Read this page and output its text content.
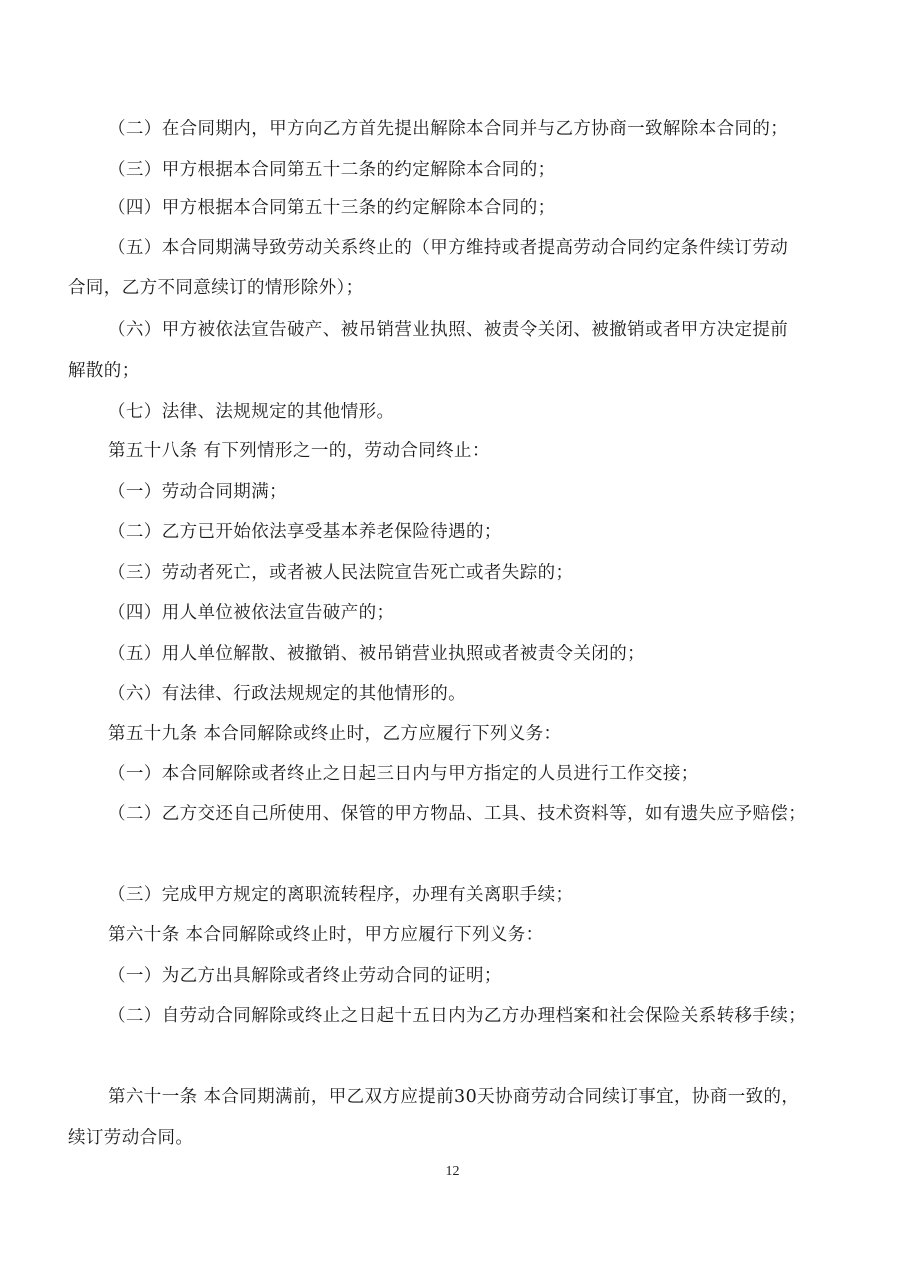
（二）在合同期内，甲方向乙方首先提出解除本合同并与乙方协商一致解除本合同的；
（三）甲方根据本合同第五十二条的约定解除本合同的；
（四）甲方根据本合同第五十三条的约定解除本合同的；
（五）本合同期满导致劳动关系终止的（甲方维持或者提高劳动合同约定条件续订劳动
合同，乙方不同意续订的情形除外）；
（六）甲方被依法宣告破产、被吊销营业执照、被责令关闭、被撤销或者甲方决定提前
解散的；
（七）法律、法规规定的其他情形。
第五十八条 有下列情形之一的，劳动合同终止：
（一）劳动合同期满；
（二）乙方已开始依法享受基本养老保险待遇的；
（三）劳动者死亡，或者被人民法院宣告死亡或者失踪的；
（四）用人单位被依法宣告破产的；
（五）用人单位解散、被撤销、被吊销营业执照或者被责令关闭的；
（六）有法律、行政法规规定的其他情形的。
第五十九条 本合同解除或终止时，乙方应履行下列义务：
（一）本合同解除或者终止之日起三日内与甲方指定的人员进行工作交接；
（二）乙方交还自己所使用、保管的甲方物品、工具、技术资料等，如有遗失应予赔偿；
（三）完成甲方规定的离职流转程序，办理有关离职手续；
第六十条 本合同解除或终止时，甲方应履行下列义务：
（一）为乙方出具解除或者终止劳动合同的证明；
（二）自劳动合同解除或终止之日起十五日内为乙方办理档案和社会保险关系转移手续；
第六十一条 本合同期满前，甲乙双方应提前30天协商劳动合同续订事宜，协商一致的，
续订劳动合同。
12
